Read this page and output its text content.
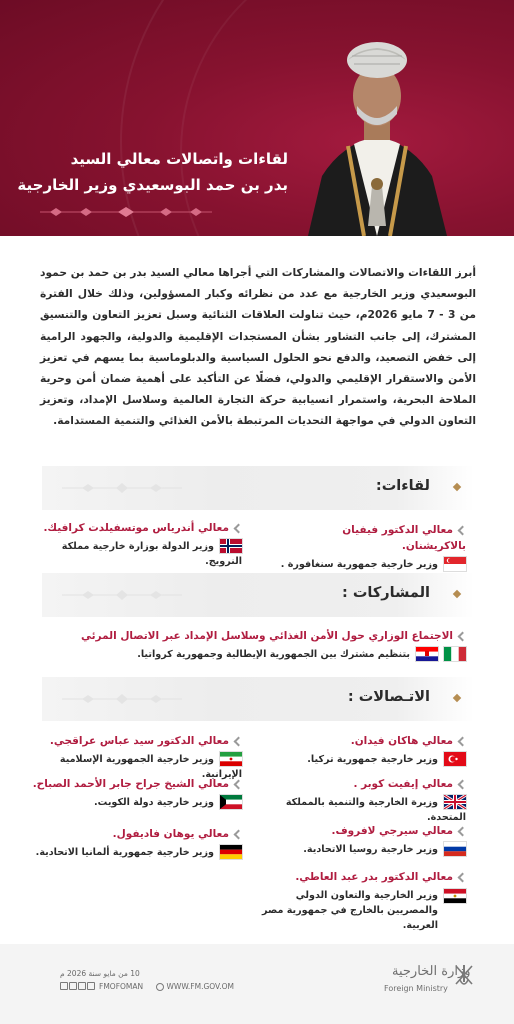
لقاءات واتصالات معالي السيد
بدر بن حمد البوسعيدي وزير الخارجية
أبرز اللقاءات والاتصالات والمشاركات التي أجراها معالي السيد بدر بن حمد بن حمود البوسعيدي وزير الخارجية مع عدد من نظرائه وكبار المسؤولين، وذلك خلال الفترة من 3 - 7 مايو 2026م، حيث تناولت العلاقات الثنائية وسبل تعزيز التعاون والتنسيق المشترك، إلى جانب التشاور بشأن المستجدات الإقليمية والدولية، والجهود الرامية إلى خفض التصعيد، والدفع نحو الحلول السياسية والدبلوماسية بما يسهم في تعزيز الأمن والاستقرار الإقليمي والدولي، فضلًا عن التأكيد على أهمية ضمان أمن وحرية الملاحة البحرية، واستمرار انسيابية حركة التجارة العالمية وسلاسل الإمداد، وتعزيز التعاون الدولي في مواجهة التحديات المرتبطة بالأمن الغذائي والتنمية المستدامة.
لقاءات:
معالي الدكتور فيفيان بالاكريشنان.
وزير خارجية جمهورية سنغافورة .
معالي أندرياس موتسفيلدت كرافيك.
وزير الدولة بوزارة خارجية مملكة النرويج.
المشاركات :
الاجتماع الوزاري حول الأمن الغذائي وسلاسل الإمداد عبر الاتصال المرئي
بتنظيم مشترك بين الجمهورية الإيطالية وجمهورية كرواتيا.
الاتـصالات :
معالي هاكان فيدان.
وزير خارجية جمهورية تركيا.
معالي إيفيت كوبر .
وزيرة الخارجية والتنمية بالمملكة المتحدة.
معالي سيرجي لافروف.
وزير خارجية روسيا الاتحادية.
معالي الدكتور بدر عبد العاطي.
وزير الخارجية والتعاون الدولي والمصريين بالخارج في جمهورية مصر العربية.
معالي الدكتور سيد عباس عراقجي.
وزير خارجية الجمهورية الإسلامية الإيرانية.
معالي الشيخ جراح جابر الأحمد الصباح.
وزير خارجية دولة الكويت.
معالي يوهان فاديفول.
وزير خارجية جمهورية ألمانيا الاتحادية.
10 من مايو سنة 2026 م
FMOFOMAN	WWW.FM.GOV.OM
وزارة الخارجية
Foreign Ministry
